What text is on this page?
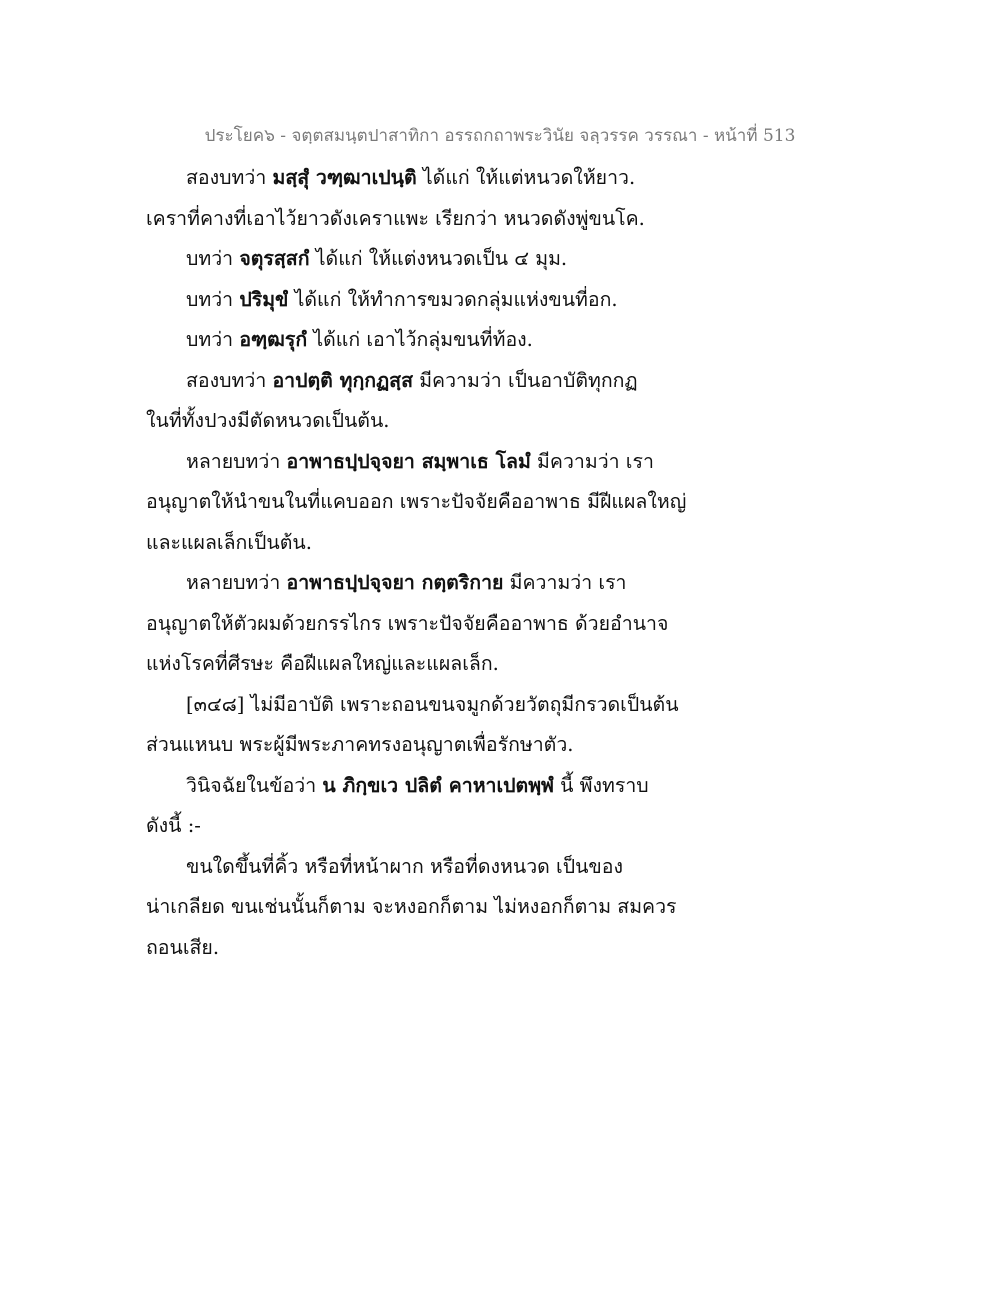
ประโยค๖ - จตฺตสมนฺตปาสาทิกา อรรถกถาพระวินัย จลฺวรรค วรรณา - หน้าที่ 513
สองบทว่า มสฺสุํ วฑฺฒาเปนฺติ ได้แก่ ให้แต่หนวดให้ยาว.
เคราที่คางที่เอาไว้ยาวดังเคราแพะ เรียกว่า หนวดดังพู่ขนโค.
บทว่า จตุรสฺสกํ ได้แก่ ให้แต่งหนวดเป็น ๔ มุม.
บทว่า ปริมุขํ ได้แก่ ให้ทำการขมวดกลุ่มแห่งขนที่อก.
บทว่า อฑฺฒรุกํ ได้แก่ เอาไว้กลุ่มขนที่ท้อง.
สองบทว่า อาปตฺติ ทุกฺกฏสฺส มีความว่า เป็นอาบัติทุกกฏ
ในที่ทั้งปวงมีตัดหนวดเป็นต้น.
หลายบทว่า อาพาธปฺปจฺจยา สมฺพาเธ โลมํ มีความว่า เรา
อนุญาตให้นำขนในที่แคบออก เพราะปัจจัยคืออาพาธ มีฝีแผลใหญ่
และแผลเล็กเป็นต้น.
หลายบทว่า อาพาธปฺปจฺจยา กตฺตริกาย มีความว่า เรา
อนุญาตให้ตัวผมด้วยกรรไกร เพราะปัจจัยคืออาพาธ ด้วยอำนาจ
แห่งโรคที่ศีรษะ คือฝีแผลใหญ่และแผลเล็ก.
[๓๔๘] ไม่มีอาบัติ เพราะถอนขนจมูกด้วยวัตถุมีกรวดเป็นต้น
ส่วนแหนบ พระผู้มีพระภาคทรงอนุญาตเพื่อรักษาตัว.
วินิจฉัยในข้อว่า น ภิกฺขเว ปลิตํ คาหาเปตพฺพํ นี้ พึงทราบ
ดังนี้ :-
ขนใดขึ้นที่คิ้ว หรือที่หน้าผาก หรือที่ดงหนวด เป็นของ
น่าเกลียด ขนเช่นนั้นก็ตาม จะหงอกก็ตาม ไม่หงอกก็ตาม สมควร
ถอนเสีย.
